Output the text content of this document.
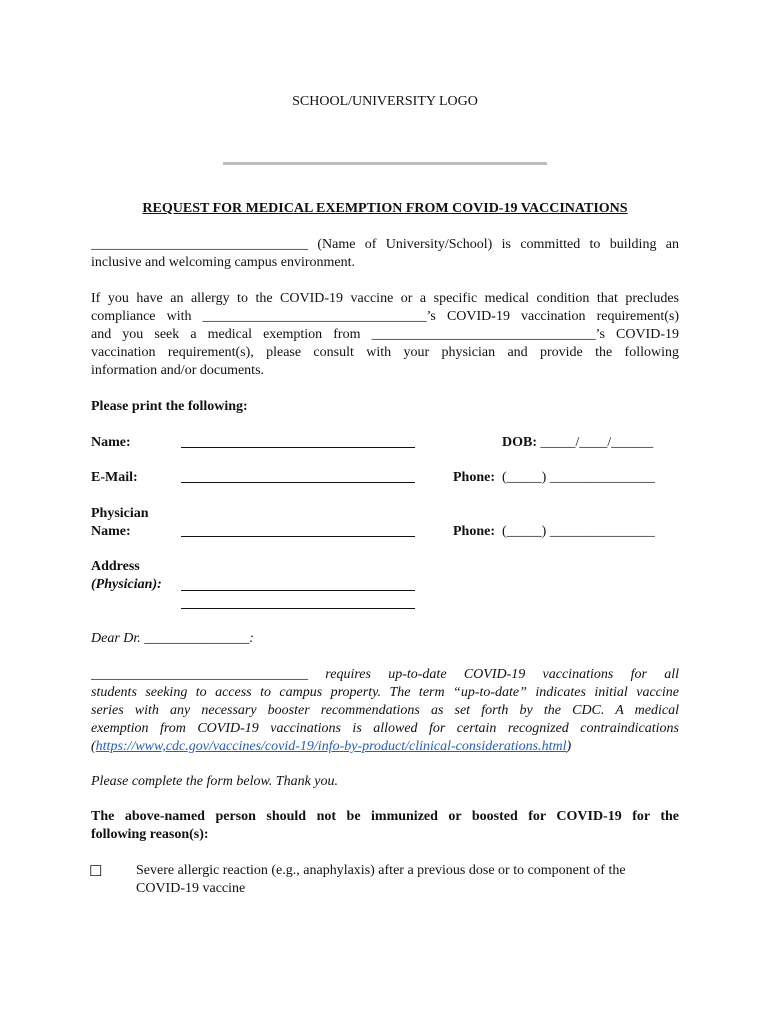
SCHOOL/UNIVERSITY LOGO
REQUEST FOR MEDICAL EXEMPTION FROM COVID-19 VACCINATIONS
_______________________________ (Name of University/School) is committed to building an
inclusive and welcoming campus environment.
If you have an allergy to the COVID-19 vaccine or a specific medical condition that precludes
compliance with ________________________________’s COVID-19 vaccination requirement(s)
and you seek a medical exemption from ________________________________’s COVID-19
vaccination requirement(s), please consult with your physician and provide the following
information and/or documents.
Please print the following:
Name:	DOB: _____/____/______
E-Mail:	Phone: (_____) _______________
Physician
Name:	Phone: (_____) _______________
Address
(Physician):
Dear Dr. _______________:
_______________________________ requires up-to-date COVID-19 vaccinations for all
students seeking to access to campus property. The term “up-to-date” indicates initial vaccine
series with any necessary booster recommendations as set forth by the CDC. A medical
exemption from COVID-19 vaccinations is allowed for certain recognized contraindications
(https://www,cdc.gov/vaccines/covid-19/info-by-product/clinical-considerations.html)
Please complete the form below. Thank you.
The above-named person should not be immunized or boosted for COVID-19 for the
following reason(s):
☐ Severe allergic reaction (e.g., anaphylaxis) after a previous dose or to component of the
COVID-19 vaccine
